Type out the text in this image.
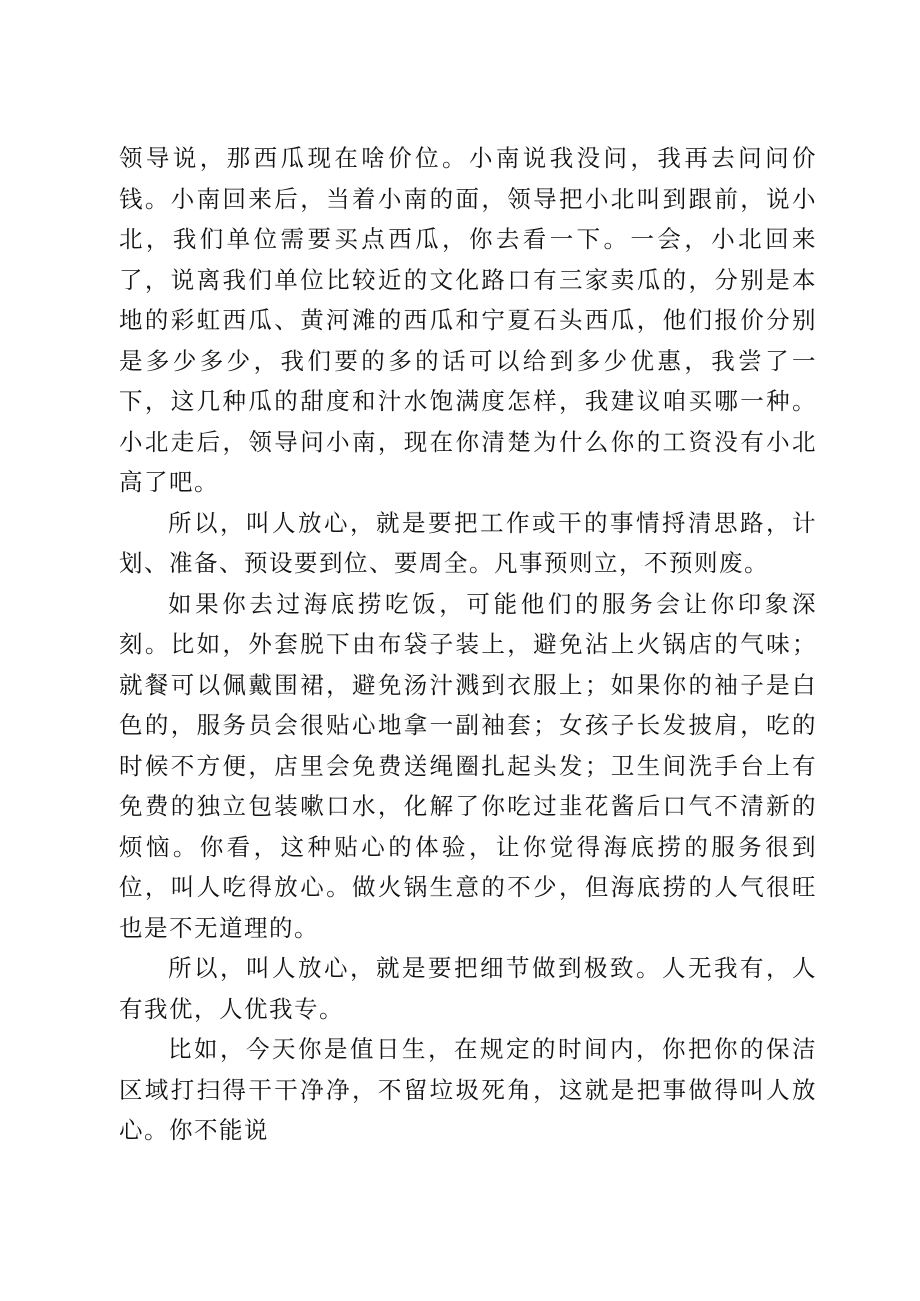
领导说，那西瓜现在啥价位。小南说我没问，我再去问问价钱。小南回来后，当着小南的面，领导把小北叫到跟前，说小北，我们单位需要买点西瓜，你去看一下。一会，小北回来了，说离我们单位比较近的文化路口有三家卖瓜的，分别是本地的彩虹西瓜、黄河滩的西瓜和宁夏石头西瓜，他们报价分别是多少多少，我们要的多的话可以给到多少优惠，我尝了一下，这几种瓜的甜度和汁水饱满度怎样，我建议咱买哪一种。小北走后，领导问小南，现在你清楚为什么你的工资没有小北高了吧。

所以，叫人放心，就是要把工作或干的事情捋清思路，计划、准备、预设要到位、要周全。凡事预则立，不预则废。

如果你去过海底捞吃饭，可能他们的服务会让你印象深刻。比如，外套脱下由布袋子装上，避免沾上火锅店的气味；就餐可以佩戴围裙，避免汤汁溅到衣服上；如果你的袖子是白色的，服务员会很贴心地拿一副袖套；女孩子长发披肩，吃的时候不方便，店里会免费送绳圈扎起头发；卫生间洗手台上有免费的独立包装嗽口水，化解了你吃过韭花酱后口气不清新的烦恼。你看，这种贴心的体验，让你觉得海底捞的服务很到位，叫人吃得放心。做火锅生意的不少，但海底捞的人气很旺也是不无道理的。

所以，叫人放心，就是要把细节做到极致。人无我有，人有我优，人优我专。

比如，今天你是值日生，在规定的时间内，你把你的保洁区域打扫得干干净净，不留垃圾死角，这就是把事做得叫人放心。你不能说
